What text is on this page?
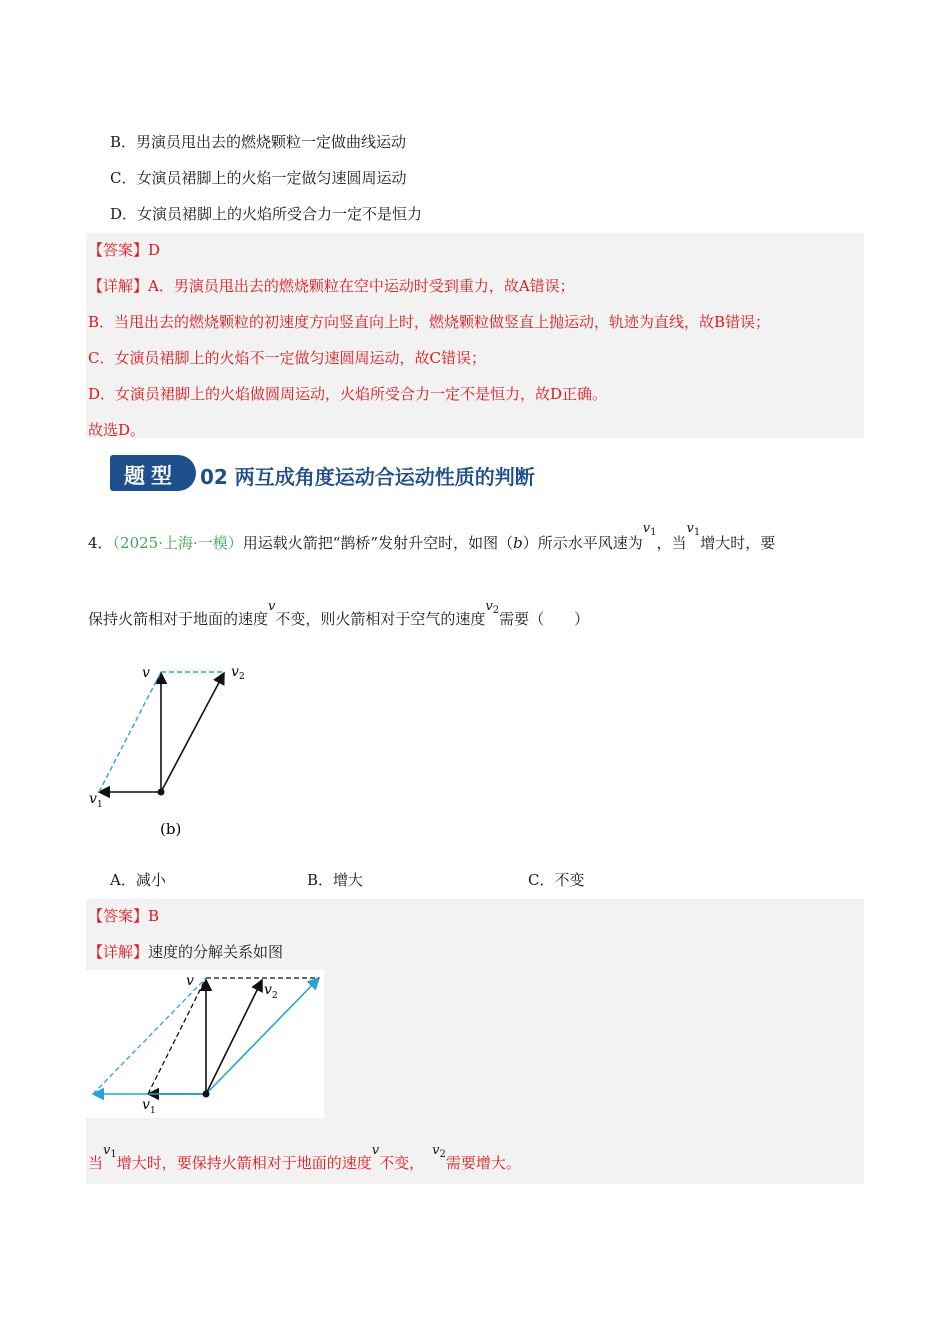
B．男演员甩出去的燃烧颗粒一定做曲线运动
C．女演员裙脚上的火焰一定做匀速圆周运动
D．女演员裙脚上的火焰所受合力一定不是恒力
【答案】D
【详解】A．男演员甩出去的燃烧颗粒在空中运动时受到重力，故A错误；
B．当甩出去的燃烧颗粒的初速度方向竖直向上时，燃烧颗粒做竖直上抛运动，轨迹为直线，故B错误；
C．女演员裙脚上的火焰不一定做匀速圆周运动，故C错误；
D．女演员裙脚上的火焰做圆周运动，火焰所受合力一定不是恒力，故D正确。
故选D。
题型 02 两互成角度运动合运动性质的判断
4．（2025·上海·一模）用运载火箭把“鹊桥”发射升空时，如图（b）所示水平风速为$v_1$，当$v_1$增大时，要
保持火箭相对于地面的速度v不变，则火箭相对于空气的速度$v_2$需要（　　）
v	v 2
v 1
(b)
A．减小	B．增大	C．不变
【答案】B
【详解】速度的分解关系如图
v
v 2
v 1
当$v_1$增大时，要保持火箭相对于地面的速度v不变，$v_2$需要增大。
